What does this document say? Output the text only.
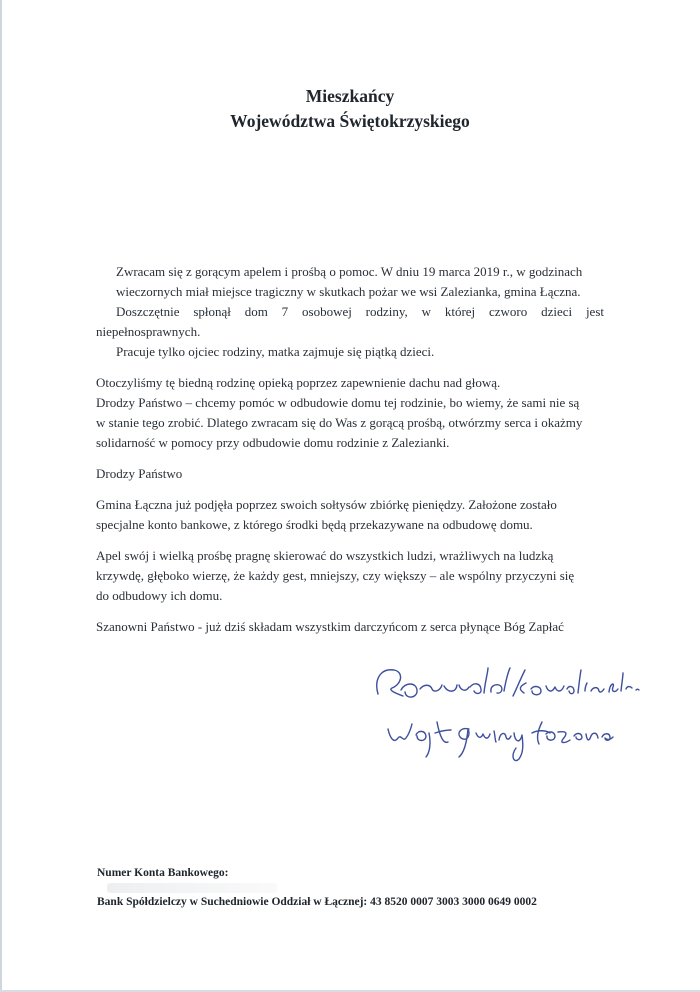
Mieszkańcy
Województwa Świętokrzyskiego

Zwracam się z gorącym apelem i prośbą o pomoc. W dniu 19 marca 2019 r., w godzinach
wieczornych miał miejsce tragiczny w skutkach pożar we wsi Zalezianka, gmina Łączna.
Doszczętnie spłonął dom 7 osobowej rodziny, w której czworo dzieci jest niepełnosprawnych.
Pracuje tylko ojciec rodziny, matka zajmuje się piątką dzieci.

Otoczyliśmy tę biedną rodzinę opieką poprzez zapewnienie dachu nad głową.
Drodzy Państwo – chcemy pomóc w odbudowie domu tej rodzinie, bo wiemy, że sami nie są
w stanie tego zrobić. Dlatego zwracam się do Was z gorącą prośbą, otwórzmy serca i okażmy
solidarność w pomocy przy odbudowie domu rodzinie z Zalezianki.

Drodzy Państwo

Gmina Łączna już podjęła poprzez swoich sołtysów zbiórkę pieniędzy. Założone zostało
specjalne konto bankowe, z którego środki będą przekazywane na odbudowę domu.

Apel swój i wielką prośbę pragnę skierować do wszystkich ludzi, wrażliwych na ludzką
krzywdę, głęboko wierzę, że każdy gest, mniejszy, czy większy – ale wspólny przyczyni się
do odbudowy ich domu.

Szanowni Państwo - już dziś składam wszystkim darczyńcom z serca płynące Bóg Zapłać

Numer Konta Bankowego:
Bank Spółdzielczy w Suchedniowie Oddział w Łącznej: 43 8520 0007 3003 3000 0649 0002
